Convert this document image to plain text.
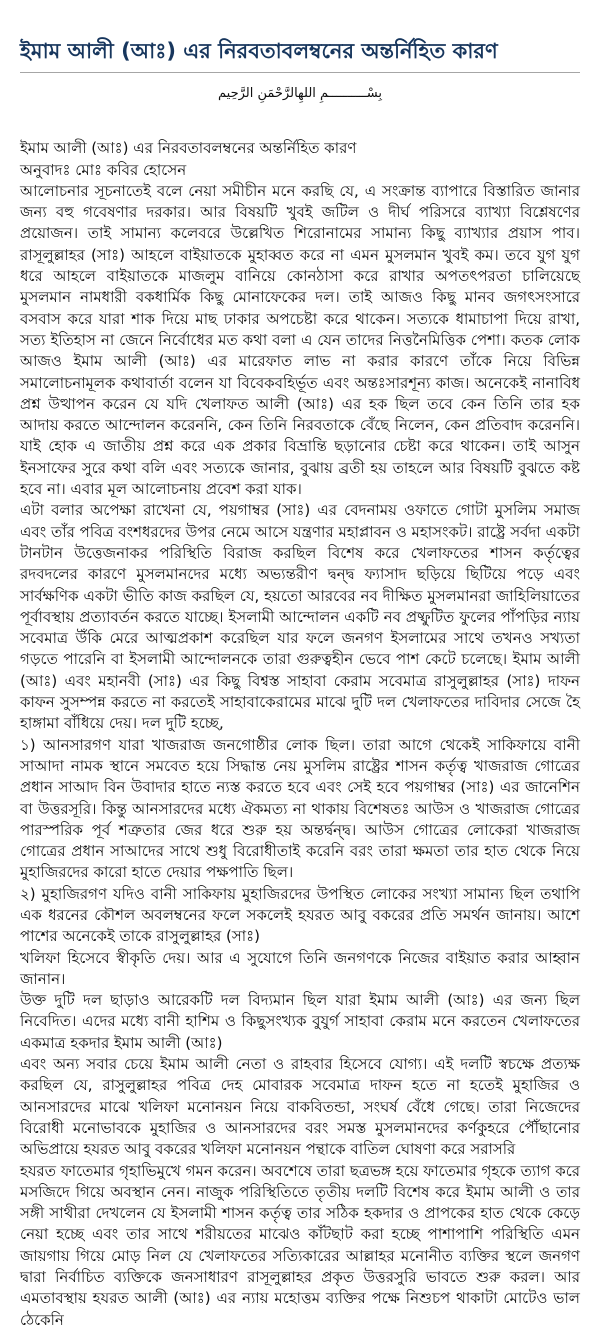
ইমাম আলী (আঃ) এর নিরবতাবলম্বনের অন্তর্নিহিত কারণ
بِسْــــــــــمِ اللهِالرَّحْمَنِ الرَّحِيم

ইমাম আলী (আঃ) এর নিরবতাবলম্বনের অন্তর্নিহিত কারণ

অনুবাদঃ মোঃ কবির হোসেন

আলোচনার সূচনাতেই বলে নেয়া সমীচীন মনে করছি যে, এ সংক্রান্ত ব্যাপারে বিস্তারিত জানার জন্য বহু গবেষণার দরকার। আর বিষয়টি খুবই জটিল ও দীর্ঘ পরিসরে ব্যাখ্যা বিশ্লেষণের প্রয়োজন। তাই সামান্য কলেবরে উল্লেখিত শিরোনামের সামান্য কিছু ব্যাখ্যার প্রয়াস পাব। রাসূলুল্লাহর (সাঃ) আহলে বাইয়াতকে মুহাব্বত করে না এমন মুসলমান খুবই কম। তবে যুগ যুগ ধরে আহলে বাইয়াতকে মাজলুম বানিয়ে কোনঠাসা করে রাখার অপতৎপরতা চালিয়েছে মুসলমান নামধারী বকধার্মিক কিছু মোনাফেকের দল। তাই আজও কিছু মানব জগৎসংসারে বসবাস করে যারা শাক দিয়ে মাছ ঢাকার অপচেষ্টা করে থাকেন। সত্যকে ধামাচাপা দিয়ে রাখা, সত্য ইতিহাস না জেনে নির্বোধের মত কথা বলা এ যেন তাদের নিত্তনৈমিত্তিক পেশা। কতক লোক আজও ইমাম আলী (আঃ) এর মারেফাত লাভ না করার কারণে তাঁকে নিয়ে বিভিন্ন সমালোচনামূলক কথাবার্তা বলেন যা বিবেকবহির্ভূত এবং অন্তঃসারশূন্য কাজ। অনেকেই নানাবিধ প্রশ্ন উত্থাপন করেন যে যদি খেলাফত আলী (আঃ) এর হক ছিল তবে কেন তিনি তার হক আদায় করতে আন্দোলন করেননি, কেন তিনি নিরবতাকে বেঁছে নিলেন, কেন প্রতিবাদ করেননি। যাই হোক এ জাতীয় প্রশ্ন করে এক প্রকার বিভ্রান্তি ছড়ানোর চেষ্টা করে থাকেন। তাই আসুন ইনসাফের সুরে কথা বলি এবং সত্যকে জানার, বুঝায় ব্রতী হয় তাহলে আর বিষয়টি বুঝতে কষ্ট হবে না। এবার মূল আলোচনায় প্রবেশ করা যাক।

এটা বলার অপেক্ষা রাখেনা যে, পয়গাম্বর (সাঃ) এর বেদনাময় ওফাতে গোটা মুসলিম সমাজ এবং তাঁর পবিত্র বংশধরদের উপর নেমে আসে যন্ত্রণার মহাপ্লাবন ও মহাসংকট। রাষ্ট্রে সর্বদা একটা টানটান উত্তেজনাকর পরিস্থিতি বিরাজ করছিল বিশেষ করে খেলাফতের শাসন কর্তৃত্বের রদবদলের কারণে মুসলমানদের মধ্যে অভ্যন্তরীণ দ্বন্দ্ব ফ্যাসাদ ছড়িয়ে ছিটিয়ে পড়ে এবং সার্বক্ষণিক একটা ভীতি কাজ করছিল যে, হয়তো আরবের নব দীক্ষিত মুসলমানরা জাহিলিয়াতের পূর্বাবস্থায় প্রত্যাবর্তন করতে যাচ্ছে। ইসলামী আন্দোলন একটি নব প্রষ্ফুটিত ফুলের পাঁপড়ির ন্যায় সবেমাত্র উঁকি মেরে আত্মপ্রকাশ করেছিল যার ফলে জনগণ ইসলামের সাথে তখনও সখ্যতা গড়তে পারেনি বা ইসলামী আন্দোলনকে তারা গুরুত্বহীন ভেবে পাশ কেটে চলেছে। ইমাম আলী (আঃ) এবং মহানবী (সাঃ) এর কিছু বিশ্বস্ত সাহাবা কেরাম সবেমাত্র রাসুলুল্লাহর (সাঃ) দাফন কাফন সুসম্পন্ন করতে না করতেই সাহাবাকেরামের মাঝে দুটি দল খেলাফতের দাবিদার সেজে হৈ হাঙ্গামা বাঁধিয়ে দেয়। দল দুটি হচ্ছে,

১) আনসারগণ যারা খাজরাজ জনগোষ্ঠীর লোক ছিল। তারা আগে থেকেই সাকিফায়ে বানী সাআদা নামক স্থানে সমবেত হয়ে সিদ্ধান্ত নেয় মুসলিম রাষ্ট্রের শাসন কর্তৃত্ব খাজরাজ গোত্রের প্রধান সাআদ বিন উবাদার হাতে ন্যস্ত করতে হবে এবং সেই হবে পয়গাম্বর (সাঃ) এর জানেশিন বা উত্তরসূরি। কিন্তু আনসারদের মধ্যে ঐকমত্য না থাকায় বিশেষতঃ আউস ও খাজরাজ গোত্রের পারস্পরিক পূর্ব শত্রুতার জের ধরে শুরু হয় অন্তর্দ্বন্দ্ব। আউস গোত্রের লোকেরা খাজরাজ গোত্রের প্রধান সাআদের সাথে শুধু বিরোধীতাই করেনি বরং তারা ক্ষমতা তার হাত থেকে নিয়ে মুহাজিরদের কারো হাতে দেয়ার পক্ষপাতি ছিল।

২) মুহাজিরগণ যদিও বানী সাকিফায় মুহাজিরদের উপস্থিত লোকের সংখ্যা সামান্য ছিল তথাপি এক ধরনের কৌশল অবলম্বনের ফলে সকলেই হযরত আবু বকরের প্রতি সমর্থন জানায়। আশে পাশের অনেকেই তাকে রাসুলুল্লাহর (সাঃ)

খলিফা হিসেবে স্বীকৃতি দেয়। আর এ সুযোগে তিনি জনগণকে নিজের বাইয়াত করার আহ্বান জানান।

উক্ত দুটি দল ছাড়াও আরেকটি দল বিদ্যমান ছিল যারা ইমাম আলী (আঃ) এর জন্য ছিল নিবেদিত। এদের মধ্যে বানী হাশিম ও কিছুসংখ্যক বুযুর্গ সাহাবা কেরাম মনে করতেন খেলাফতের একমাত্র হকদার ইমাম আলী (আঃ)

এবং অন্য সবার চেয়ে ইমাম আলী নেতা ও রাহবার হিসেবে যোগ্য। এই দলটি স্বচক্ষে প্রত্যক্ষ করছিল যে, রাসুলুল্লাহর পবিত্র দেহ মোবারক সবেমাত্র দাফন হতে না হতেই মুহাজির ও আনসারদের মাঝে খলিফা মনোনয়ন নিয়ে বাকবিতন্ডা, সংঘর্ষ বেঁধে গেছে। তারা নিজেদের বিরোধী মনোভাবকে মুহাজির ও আনসারদের বরং সমস্ত মুসলমানদের কর্ণকুহরে পৌঁছানোর অভিপ্রায়ে হযরত আবু বকরের খলিফা মনোনয়ন পন্থাকে বাতিল ঘোষণা করে সরাসরি

হযরত ফাতেমার গৃহাভিমুখে গমন করেন। অবশেষে তারা ছত্রভঙ্গ হয়ে ফাতেমার গৃহকে ত্যাগ করে মসজিদে গিয়ে অবস্থান নেন। নাজুক পরিস্থিতিতে তৃতীয় দলটি বিশেষ করে ইমাম আলী ও তার সঙ্গী সাথীরা দেখলেন যে ইসলামী শাসন কর্তৃত্ব তার সঠিক হকদার ও প্রাপকের হাত থেকে কেড়ে নেয়া হচ্ছে এবং তার সাথে শরীয়তের মাঝেও কাঁটছাট করা হচ্ছে পাশাপাশি পরিস্থিতি এমন জায়গায় গিয়ে মোড় নিল যে খেলাফতের সত্যিকারের আল্লাহর মনোনীত ব্যক্তির স্থলে জনগণ দ্বারা নির্বাচিত ব্যক্তিকে জনসাধারণ রাসূলুল্লাহর প্রকৃত উত্তরসুরি ভাবতে শুরু করল। আর এমতাবস্থায় হযরত আলী (আঃ) এর ন্যায় মহোত্তম ব্যক্তির পক্ষে নিশুচপ থাকাটা মোটেও ভাল ঠেকেনি
